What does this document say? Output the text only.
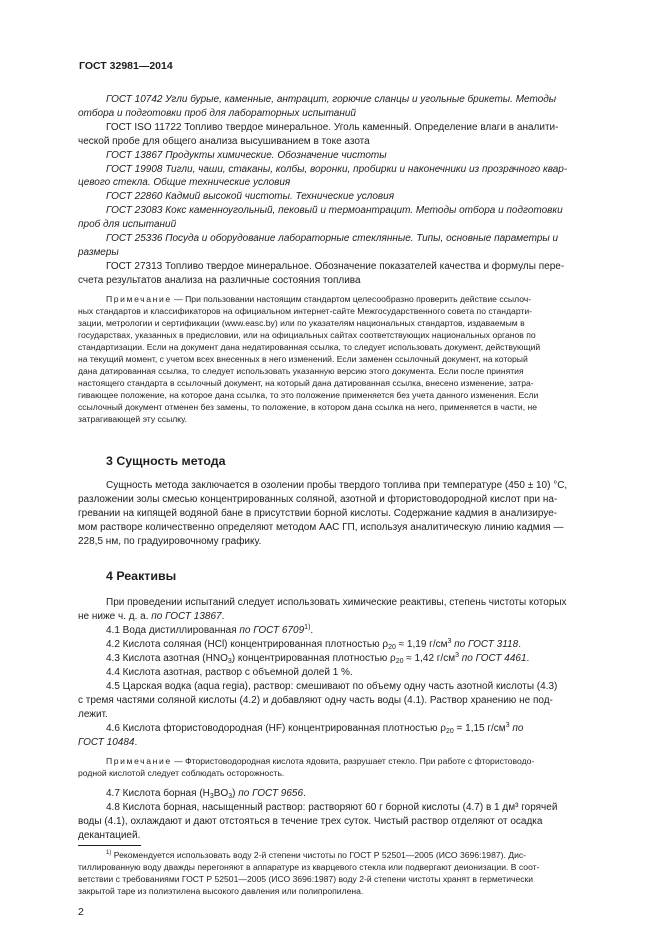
ГОСТ 32981—2014

ГОСТ 10742 Угли бурые, каменные, антрацит, горючие сланцы и угольные брикеты. Методы

отбора и подготовки проб для лабораторных испытаний

ГОСТ ISO 11722 Топливо твердое минеральное. Уголь каменный. Определение влаги в аналити-

ческой пробе для общего анализа высушиванием в токе азота

ГОСТ 13867 Продукты химические. Обозначение чистоты

ГОСТ 19908 Тигли, чаши, стаканы, колбы, воронки, пробирки и наконечники из прозрачного квар-

цевого стекла. Общие технические условия

ГОСТ 22860 Кадмий высокой чистоты. Технические условия

ГОСТ 23083 Кокс каменноугольный, пековый и термоантрацит. Методы отбора и подготовки

проб для испытаний

ГОСТ 25336 Посуда и оборудование лабораторные стеклянные. Типы, основные параметры и

размеры

ГОСТ 27313 Топливо твердое минеральное. Обозначение показателей качества и формулы пере-

счета результатов анализа на различные состояния топлива

Примечание — При пользовании настоящим стандартом целесообразно проверить действие ссылоч-

ных стандартов и классификаторов на официальном интернет-сайте Межгосударственного совета по стандарти-

зации, метрологии и сертификации (www.easc.by) или по указателям национальных стандартов, издаваемым в

государствах, указанных в предисловии, или на официальных сайтах соответствующих национальных органов по

стандартизации. Если на документ дана недатированная ссылка, то следует использовать документ, действующий

на текущий момент, с учетом всех внесенных в него изменений. Если заменен ссылочный документ, на который

дана датированная ссылка, то следует использовать указанную версию этого документа. Если после принятия

настоящего стандарта в ссылочный документ, на который дана датированная ссылка, внесено изменение, затра-

гивающее положение, на которое дана ссылка, то это положение применяется без учета данного изменения. Если

ссылочный документ отменен без замены, то положение, в котором дана ссылка на него, применяется в части, не

затрагивающей эту ссылку.

3 Сущность метода

Сущность метода заключается в озолении пробы твердого топлива при температуре (450 ± 10) °С,

разложении золы смесью концентрированных соляной, азотной и фтористоводородной кислот при на-

гревании на кипящей водяной бане в присутствии борной кислоты. Содержание кадмия в анализируе-

мом растворе количественно определяют методом ААС ГП, используя аналитическую линию кадмия —

228,5 нм, по градуировочному графику.

4 Реактивы

При проведении испытаний следует использовать химические реактивы, степень чистоты которых

не ниже ч. д. а. по ГОСТ 13867.

4.1 Вода дистиллированная по ГОСТ 6709$^{1)}$.

4.2 Кислота соляная (HCl) концентрированная плотностью $\rho_{20} \approx 1,19$ $г/см^3$ по ГОСТ 3118.

4.3 Кислота азотная $(HNO_3)$ концентрированная плотностью $\rho_{20} \approx 1,42$ $г/см^3$ по ГОСТ 4461.

4.4 Кислота азотная, раствор с объемной долей 1 %.

4.5 Царская водка (aqua regia), раствор: смешивают по объему одну часть азотной кислоты (4.3)

с тремя частями соляной кислоты (4.2) и добавляют одну часть воды (4.1). Раствор хранению не под-

лежит.

4.6 Кислота фтористоводородная (HF) концентрированная плотностью $\rho_{20} = 1,15$ $г/см^3$ по

ГОСТ 10484.

Примечание — Фтористоводородная кислота ядовита, разрушает стекло. При работе с фтористоводо-

родной кислотой следует соблюдать осторожность.

4.7 Кислота борная $(H_3BO_3)$ по ГОСТ 9656.

4.8 Кислота борная, насыщенный раствор: растворяют 60 г борной кислоты (4.7) в 1 дм³ горячей

воды (4.1), охлаждают и дают отстояться в течение трех суток. Чистый раствор отделяют от осадка

декантацией.

$^{1)}$ Рекомендуется использовать воду 2-й степени чистоты по ГОСТ Р 52501—2005 (ИСО 3696:1987). Дис-

тиллированную воду дважды перегоняют в аппаратуре из кварцевого стекла или подвергают деионизации. В соот-

ветствии с требованиями ГОСТ Р 52501—2005 (ИСО 3696:1987) воду 2-й степени чистоты хранят в герметически

закрытой таре из полиэтилена высокого давления или полипропилена.

2
